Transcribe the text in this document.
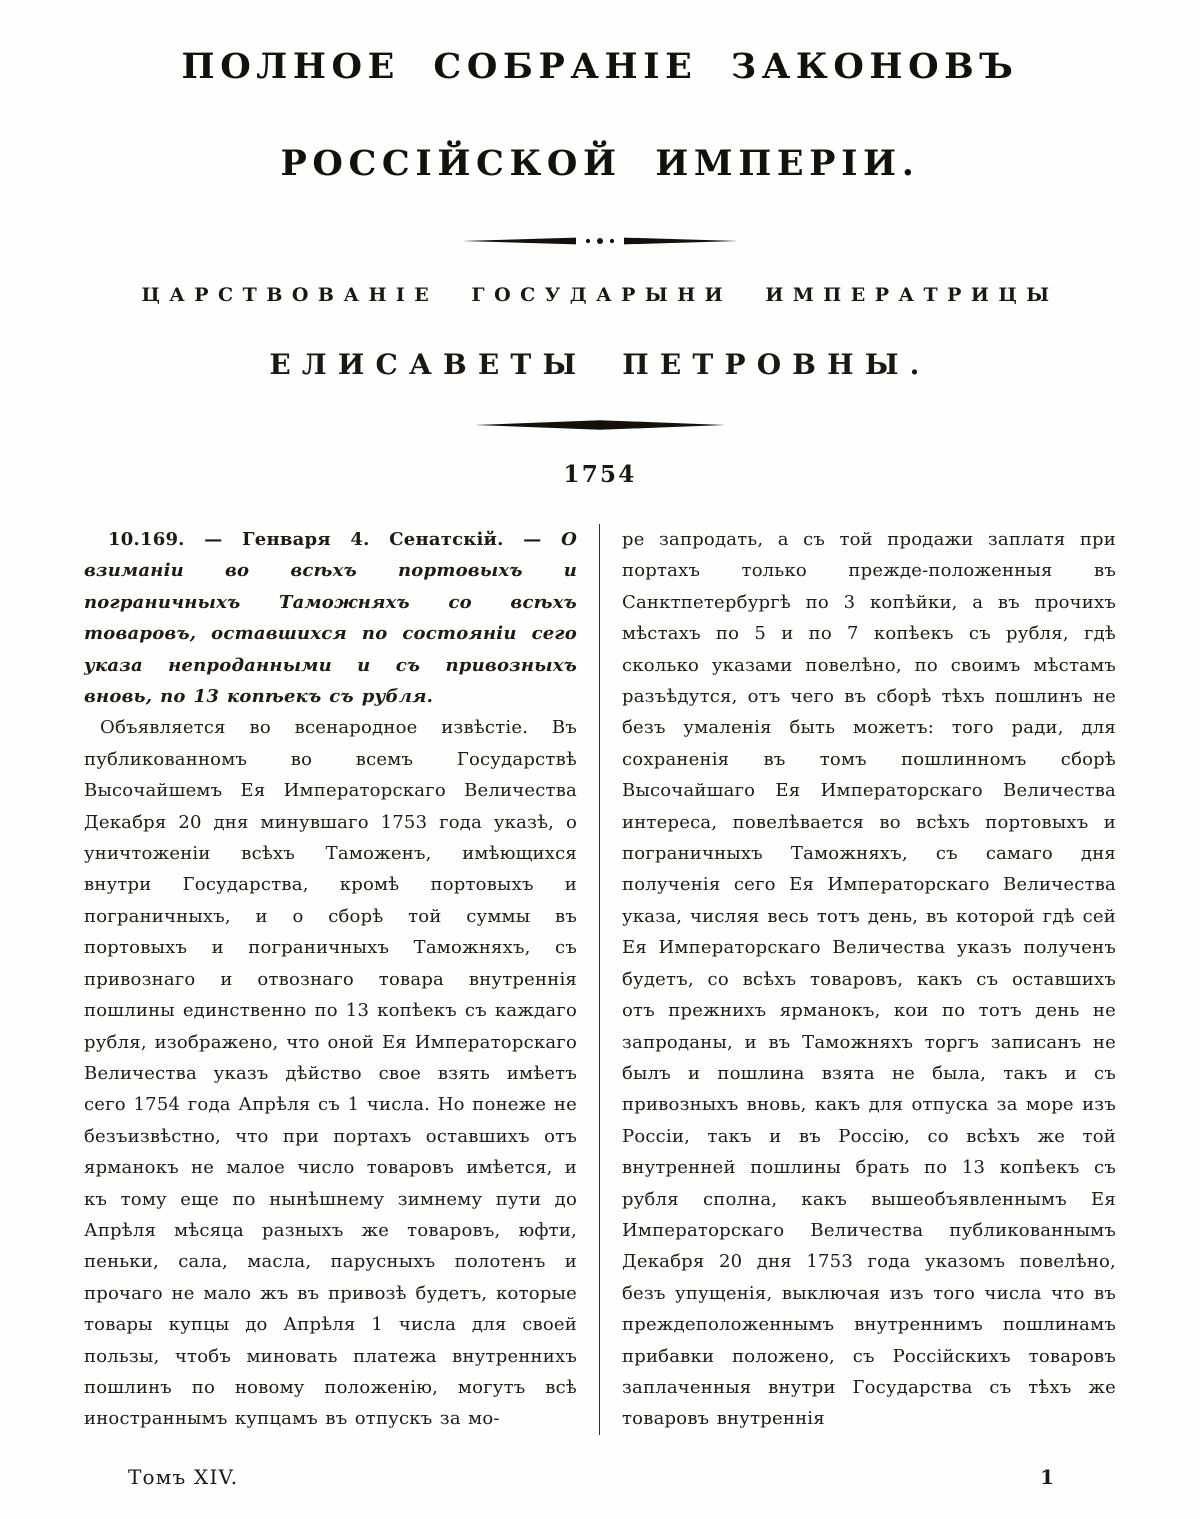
ПОЛНОЕ СОБРАНІЕ ЗАКОНОВЪ
РОССІЙСКОЙ ИМПЕРІИ.
ЦАРСТВОВАНІЕ ГОСУДАРЫНИ ИМПЕРАТРИЦЫ
ЕЛИСАВЕТЫ ПЕТРОВНЫ.
1754

10.169. — Генваря 4. Сенатскій. — О взиманіи во всѣхъ портовыхъ и пограничныхъ Таможняхъ со всѣхъ товаровъ, оставшихся по состояніи сего указа непроданными и съ привозныхъ вновь, по 13 копѣекъ съ рубля.

Объявляется во всенародное извѣстіе. Въ публикованномъ во всемъ Государствѣ Высочайшемъ Ея Императорскаго Величества Декабря 20 дня минувшаго 1753 года указѣ, о уничтоженіи всѣхъ Таможенъ, имѣющихся внутри Государства, кромѣ портовыхъ и пограничныхъ, и о сборѣ той суммы въ портовыхъ и пограничныхъ Таможняхъ, съ привознаго и отвознаго товара внутреннія пошлины единственно по 13 копѣекъ съ каждаго рубля, изображено, что оной Ея Императорскаго Величества указъ дѣйство свое взять имѣетъ сего 1754 года Апрѣля съ 1 числа. Но понеже не безъизвѣстно, что при портахъ оставшихъ отъ ярманокъ не малое число товаровъ имѣется, и къ тому еще по нынѣшнему зимнему пути до Апрѣля мѣсяца разныхъ же товаровъ, юфти, пеньки, сала, масла, парусныхъ полотенъ и прочаго не мало жъ въ привозѣ будетъ, которые товары купцы до Апрѣля 1 числа для своей пользы, чтобъ миновать платежа внутреннихъ пошлинъ по новому положенію, могутъ всѣ иностраннымъ купцамъ въ отпускъ за мо-

ре запродать, а съ той продажи заплатя при портахъ только прежде-положенныя въ Санктпетербургѣ по 3 копѣйки, а въ прочихъ мѣстахъ по 5 и по 7 копѣекъ съ рубля, гдѣ сколько указами повелѣно, по своимъ мѣстамъ разъѣдутся, отъ чего въ сборѣ тѣхъ пошлинъ не безъ умаленія быть можетъ: того ради, для сохраненія въ томъ пошлинномъ сборѣ Высочайшаго Ея Императорскаго Величества интереса, повелѣвается во всѣхъ портовыхъ и пограничныхъ Таможняхъ, съ самаго дня полученія сего Ея Императорскаго Величества указа, числяя весь тотъ день, въ которой гдѣ сей Ея Императорскаго Величества указъ полученъ будетъ, со всѣхъ товаровъ, какъ съ оставшихъ отъ прежнихъ ярманокъ, кои по тотъ день не запроданы, и въ Таможняхъ торгъ записанъ не былъ и пошлина взята не была, такъ и съ привозныхъ вновь, какъ для отпуска за море изъ Россіи, такъ и въ Россію, со всѣхъ же той внутренней пошлины брать по 13 копѣекъ съ рубля сполна, какъ вышеобъявленнымъ Ея Императорскаго Величества публикованнымъ Декабря 20 дня 1753 года указомъ повелѣно, безъ упущенія, выключая изъ того числа что въ преждеположеннымъ внутреннимъ пошлинамъ прибавки положено, съ Россійскихъ товаровъ заплаченныя внутри Государства съ тѣхъ же товаровъ внутреннія

Томъ XIV.	1
